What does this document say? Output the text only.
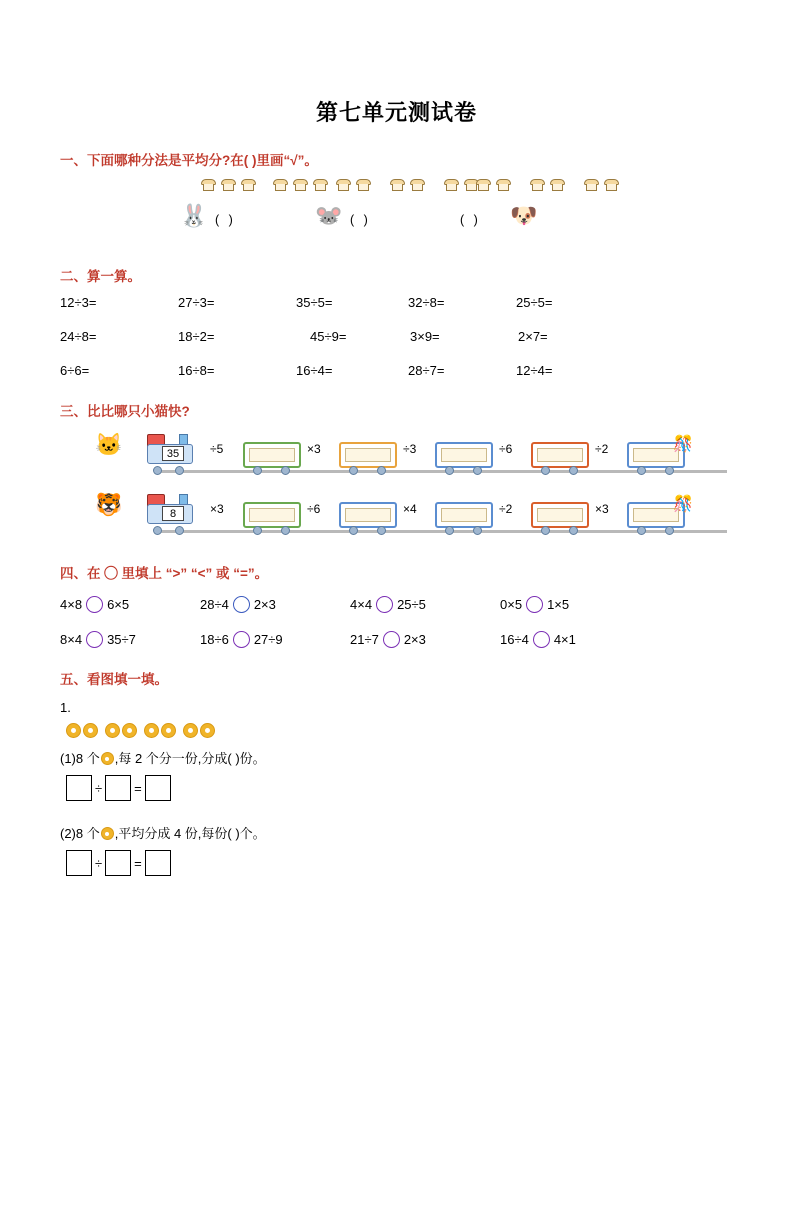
第七单元测试卷
一、下面哪种分法是平均分?在( )里画“√”。
🐰 ( )	🐭 ( )	( ) 🐶
二、算一算。
12÷3=	27÷3=	35÷5=	32÷8=	25÷5=
24÷8=	18÷2=	45÷9=	3×9=	2×7=
6÷6=	16÷8=	16÷4=	28÷7=	12÷4=
三、比比哪只小猫快?
🐱	35	÷5	×3	÷3	÷6	÷2	🎊
🐯	8	×3	÷6	×4	÷2	×3	🎊
四、在 ◯ 里填上 “>” “<” 或 “=”。
4×8 6×5	28÷4 2×3	4×4 25÷5	0×5 1×5
8×4 35÷7	18÷6 27÷9	21÷7 2×3	16÷4 4×1
五、看图填一填。
1.
(1)8 个 ,每 2 个分一份,分成( )份。
÷ =
(2)8 个 ,平均分成 4 份,每份( )个。
÷ =
